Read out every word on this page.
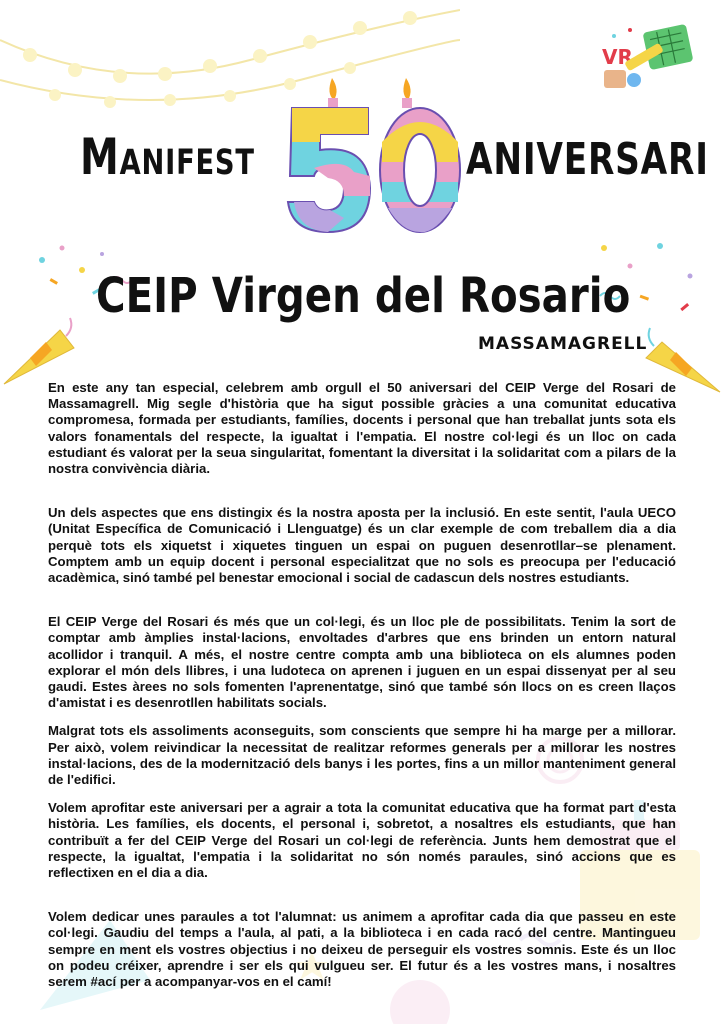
VR
Manifest	ANIVERSARI
CEIP Virgen del Rosario
MASSAMAGRELL

En este any tan especial, celebrem amb orgull el 50 aniversari del CEIP Verge del Rosari de Massamagrell. Mig segle d'història que ha sigut possible gràcies a una comunitat educativa compromesa, formada per estudiants, famílies, docents i personal que han treballat junts sota els valors fonamentals del respecte, la igualtat i l'empatia. El nostre col·legi és un lloc on cada estudiant és valorat per la seua singularitat, fomentant la diversitat i la solidaritat com a pilars de la nostra convivència diària.

Un dels aspectes que ens distingix és la nostra aposta per la inclusió. En este sentit, l'aula UECO (Unitat Específica de Comunicació i Llenguatge) és un clar exemple de com treballem dia a dia perquè tots els xiquetst i xiquetes tinguen un espai on puguen desenrotllar–se plenament. Comptem amb un equip docent i personal especialitzat que no sols es preocupa per l'educació acadèmica, sinó també pel benestar emocional i social de cadascun dels nostres estudiants.

El CEIP Verge del Rosari és més que un col·legi, és un lloc ple de possibilitats. Tenim la sort de comptar amb àmplies instal·lacions, envoltades d'arbres que ens brinden un entorn natural acollidor i tranquil. A més, el nostre centre compta amb una biblioteca on els alumnes poden explorar el món dels llibres, i una ludoteca on aprenen i juguen en un espai dissenyat per al seu gaudi. Estes àrees no sols fomenten l'aprenentatge, sinó que també són llocs on es creen llaços d'amistat i es desenrotllen habilitats socials.

Malgrat tots els assoliments aconseguits, som conscients que sempre hi ha marge per a millorar. Per això, volem reivindicar la necessitat de realitzar reformes generals per a millorar les nostres instal·lacions, des de la modernització dels banys i les portes, fins a un millor manteniment general de l'edifici.

Volem aprofitar este aniversari per a agrair a tota la comunitat educativa que ha format part d'esta història. Les famílies, els docents, el personal i, sobretot, a nosaltres els estudiants, que han contribuït a fer del CEIP Verge del Rosari un col·legi de referència. Junts hem demostrat que el respecte, la igualtat, l'empatia i la solidaritat no són només paraules, sinó accions que es reflectixen en el dia a dia.

Volem dedicar unes paraules a tot l'alumnat: us animem a aprofitar cada dia que passeu en este col·legi. Gaudiu del temps a l'aula, al pati, a la biblioteca i en cada racó del centre. Mantingueu sempre en ment els vostres objectius i no deixeu de perseguir els vostres somnis. Este és un lloc on podeu créixer, aprendre i ser els qui vulgueu ser. El futur és a les vostres mans, i nosaltres serem #ací per a acompanyar-vos en el camí!
